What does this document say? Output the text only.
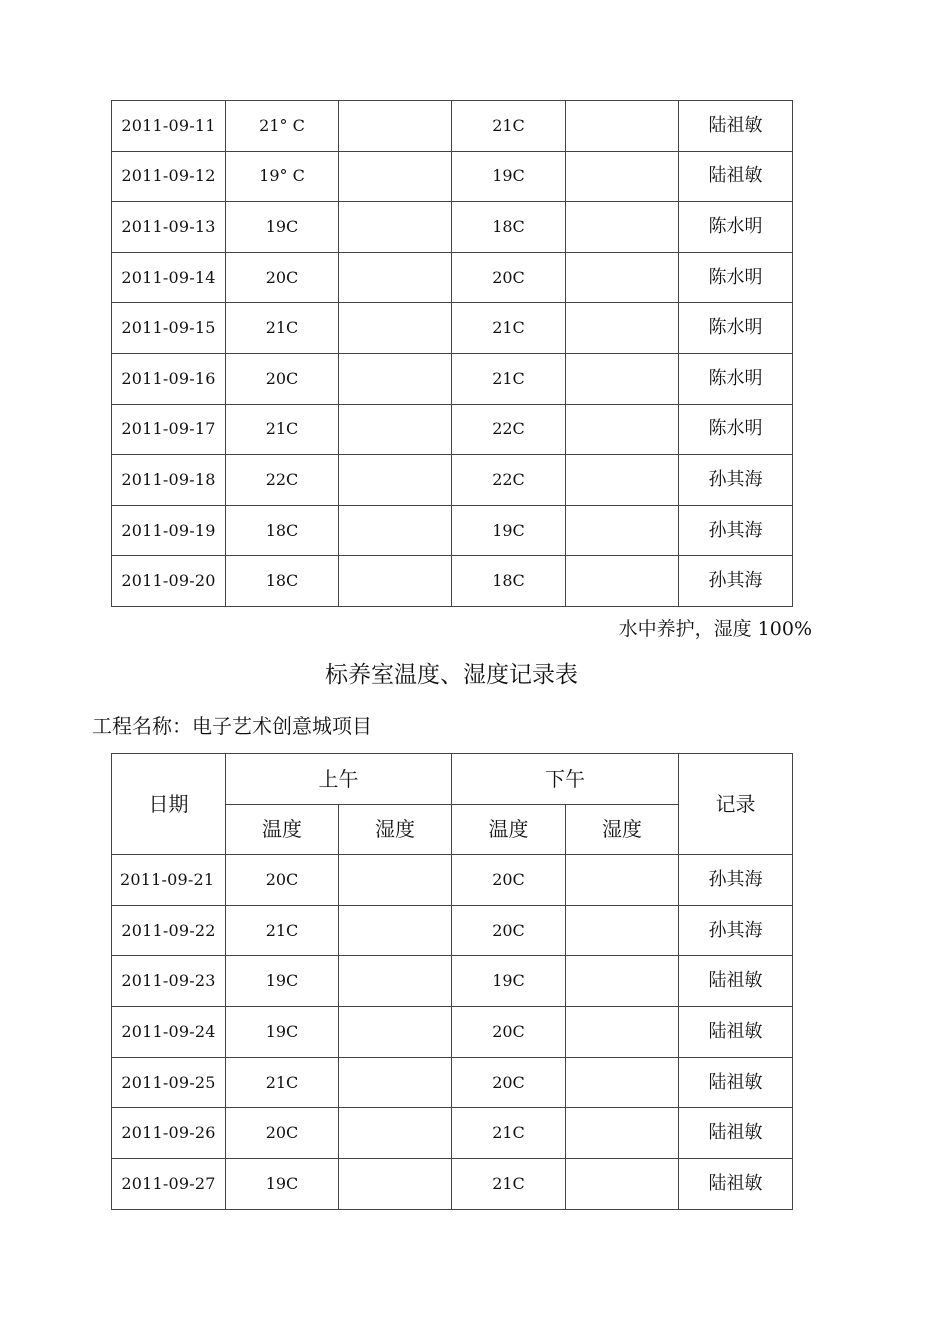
2011-09-11	21° C		21C		陆祖敏
2011-09-12	19° C		19C		陆祖敏
2011-09-13	19C		18C		陈水明
2011-09-14	20C		20C		陈水明
2011-09-15	21C		21C		陈水明
2011-09-16	20C		21C		陈水明
2011-09-17	21C		22C		陈水明
2011-09-18	22C		22C		孙其海
2011-09-19	18C		19C		孙其海
2011-09-20	18C		18C		孙其海
水中养护，湿度 100%
标养室温度、湿度记录表
工程名称：电子艺术创意城项目
日期	上午		下午		记录
	温度	湿度	温度	湿度	
2011-09-21	20C		20C		孙其海
2011-09-22	21C		20C		孙其海
2011-09-23	19C		19C		陆祖敏
2011-09-24	19C		20C		陆祖敏
2011-09-25	21C		20C		陆祖敏
2011-09-26	20C		21C		陆祖敏
2011-09-27	19C		21C		陆祖敏
